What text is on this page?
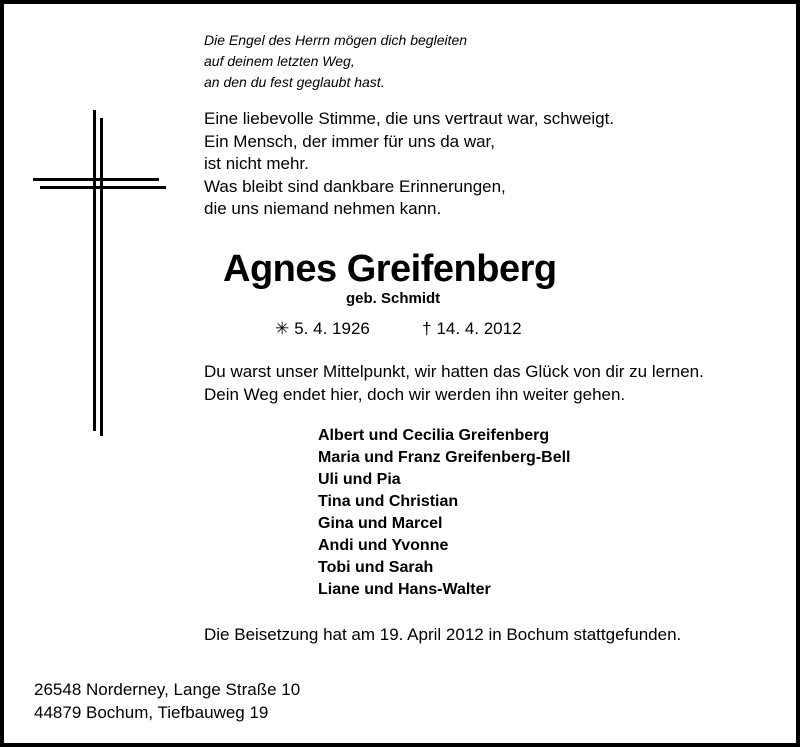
Die Engel des Herrn mögen dich begleiten
auf deinem letzten Weg,
an den du fest geglaubt hast.
Eine liebevolle Stimme, die uns vertraut war, schweigt.
Ein Mensch, der immer für uns da war,
ist nicht mehr.
Was bleibt sind dankbare Erinnerungen,
die uns niemand nehmen kann.
Agnes Greifenberg
geb. Schmidt
✳ 5. 4. 1926	† 14. 4. 2012
Du warst unser Mittelpunkt, wir hatten das Glück von dir zu lernen.
Dein Weg endet hier, doch wir werden ihn weiter gehen.
Albert und Cecilia Greifenberg
Maria und Franz Greifenberg-Bell
Uli und Pia
Tina und Christian
Gina und Marcel
Andi und Yvonne
Tobi und Sarah
Liane und Hans-Walter
Die Beisetzung hat am 19. April 2012 in Bochum stattgefunden.
26548 Norderney, Lange Straße 10
44879 Bochum, Tiefbauweg 19
